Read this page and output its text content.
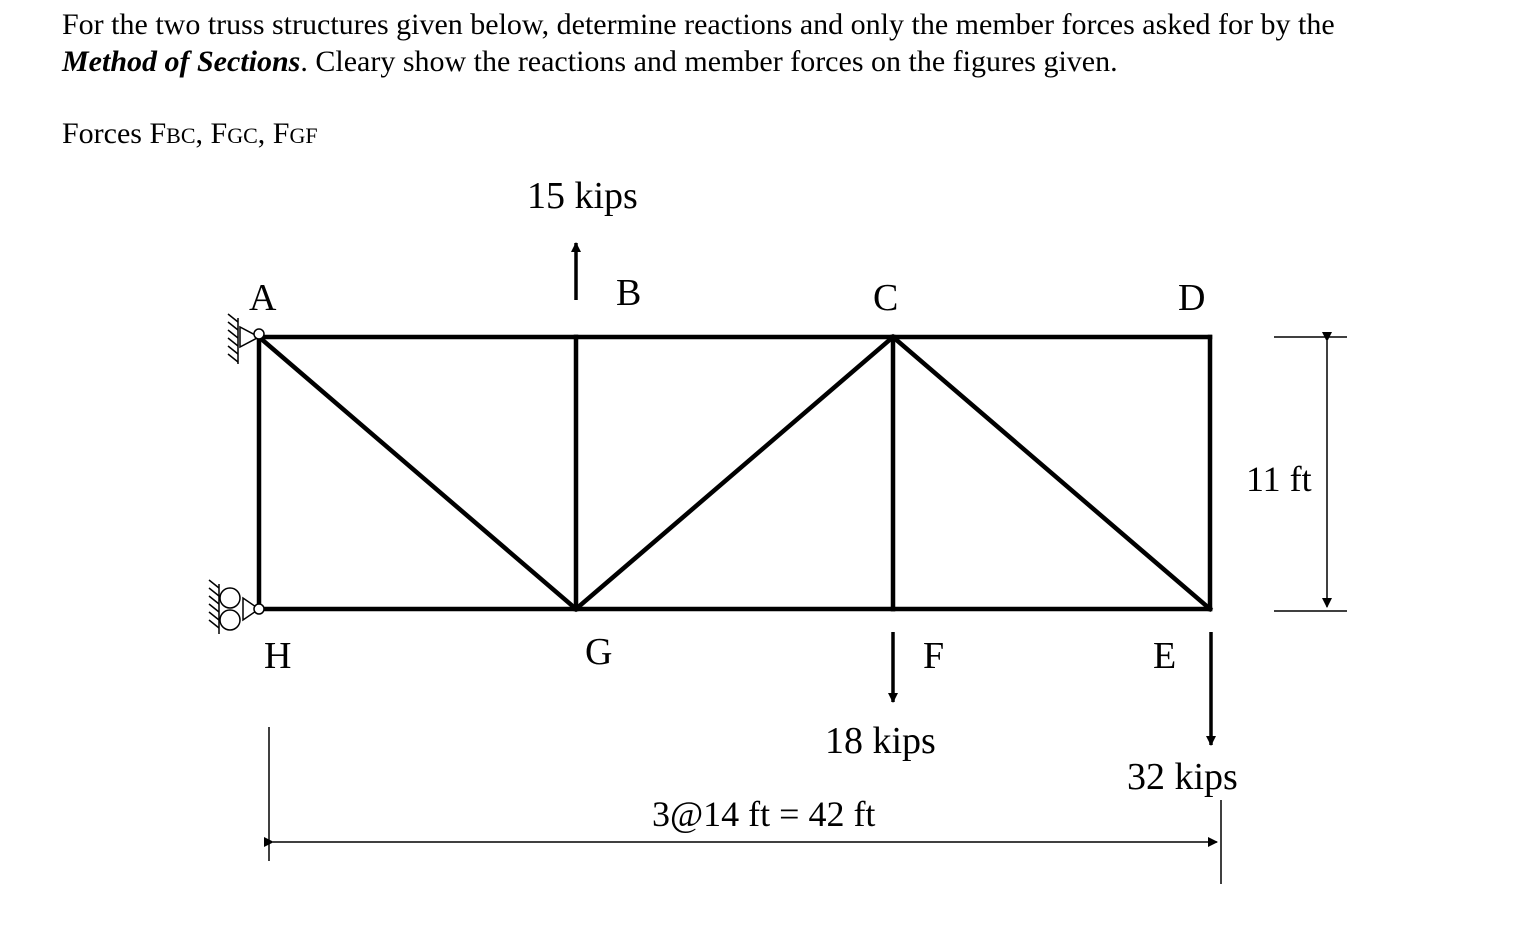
For the two truss structures given below, determine reactions and only the member forces asked for by the

Method of Sections. Cleary show the reactions and member forces on the figures given.

Forces FBC, FGC, FGF
A	B	C	D
H	G	F	E
15 kips
18 kips
32 kips
11 ft
3@14 ft = 42 ft
